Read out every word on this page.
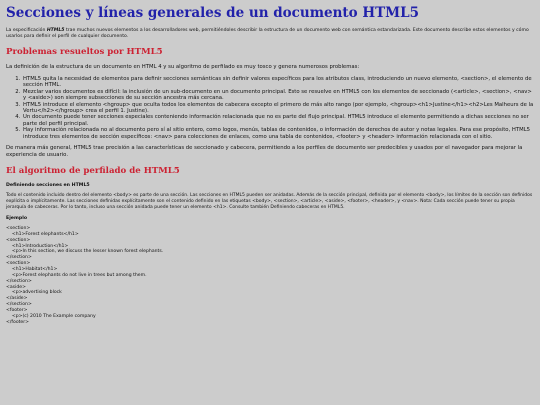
Secciones y líneas generales de un documento HTML5

La especificación HTML5 trae muchos nuevos elementos a los desarrolladores web, permitiéndoles describir la estructura de un documento web con semántica estandarizada. Este documento describe estos elementos y cómo usarlos para definir el perfil de cualquier documento.

Problemas resueltos por HTML5

La definición de la estructura de un documento en HTML 4 y su algoritmo de perfilado es muy tosco y genera numerosos problemas:

1. HTML5 quita la necesidad de elementos para definir secciones semánticas sin definir valores específicos para los atributos class, introduciendo un nuevo elemento, <section>, el elemento de sección HTML.
2. Mezclar varios documentos es difícil: la inclusión de un sub-documento en un documento principal. Esto se resuelve en HTML5 con los elementos de seccionado (<article>, <section>, <nav> y <aside>) son siempre subsecciones de su sección ancestra más cercana.
3. HTML5 introduce el elemento <hgroup> que oculta todos los elementos de cabecera excepto el primero de más alto rango (por ejemplo, <hgroup><h1>Justine</h1><h2>Les Malheurs de la Vertu</h2></hgroup> crea el perfil 1. Justine).
4. Un documento puede tener secciones especiales conteniendo información relacionada que no es parte del flujo principal. HTML5 introduce el elemento permitiendo a dichas secciones no ser parte del perfil principal.
5. Hay información relacionada no al documento pero sí al sitio entero, como logos, menús, tablas de contenidos, o información de derechos de autor y notas legales. Para ese propósito, HTML5 introduce tres elementos de sección específicos: <nav> para colecciones de enlaces, como una tabla de contenidos, <footer> y <header> información relacionada con el sitio.

De manera más general, HTML5 trae precisión a las características de seccionado y cabecera, permitiendo a los perfiles de documento ser predecibles y usados por el navegador para mejorar la experiencia de usuario.

El algoritmo de perfilado de HTML5

Definiendo secciones en HTML5

Todo el contenido incluido dentro del elemento <body> es parte de una sección. Las secciones en HTML5 pueden ser anidadas. Además de la sección principal, definida por el elemento <body>, los límites de la sección son definidos explícita o implícitamente. Las secciones definidas explícitamente son el contenido definido en las etiquetas <body>, <section>, <article>, <aside>, <footer>, <header>, y <nav>. Nota: Cada sección puede tener su propia jerarquía de cabeceras. Por lo tanto, incluso una sección anidada puede tener un elemento <h1>. Consulte también Definiendo cabeceras en HTML5.

Ejemplo

<section>
<h1>Forest elephants</h1>
<section>
<h1>Introduction</h1>
<p>In this section, we discuss the lesser known forest elephants.
</section>
<section>
<h1>Habitat</h1>
<p>Forest elephants do not live in trees but among them.
</section>
<aside>
<p>advertising block
</aside>
</section>
<footer>
<p>(c) 2010 The Example company
</footer>
